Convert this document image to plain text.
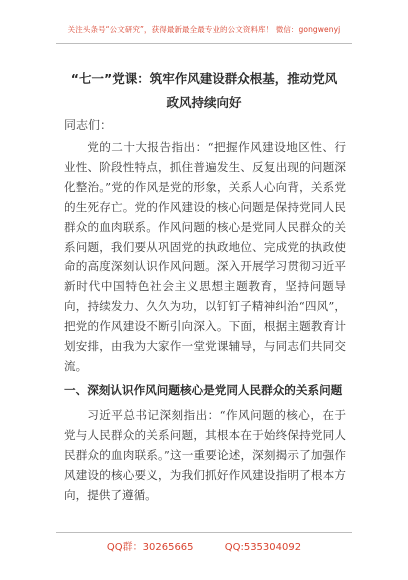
关注头条号“公文研究”，获得最新最全最专业的公文资料库！ 微信：gongwenyj
“七一”党课：筑牢作风建设群众根基，推动党风政风持续向好
同志们：

党的二十大报告指出：“把握作风建设地区性、行业性、阶段性特点，抓住普遍发生、反复出现的问题深化整治。”党的作风是党的形象，关系人心向背，关系党的生死存亡。党的作风建设的核心问题是保持党同人民群众的血肉联系。作风问题的核心是党同人民群众的关系问题，我们要从巩固党的执政地位、完成党的执政使命的高度深刻认识作风问题。深入开展学习贯彻习近平新时代中国特色社会主义思想主题教育，坚持问题导向，持续发力、久久为功，以钉钉子精神纠治“四风”，把党的作风建设不断引向深入。下面，根据主题教育计划安排，由我为大家作一堂党课辅导，与同志们共同交流。

一、深刻认识作风问题核心是党同人民群众的关系问题

习近平总书记深刻指出：“作风问题的核心，在于党与人民群众的关系问题，其根本在于始终保持党同人民群众的血肉联系。”这一重要论述，深刻揭示了加强作风建设的核心要义，为我们抓好作风建设指明了根本方向，提供了遵循。

QQ群：30265665	QQ:535304092
